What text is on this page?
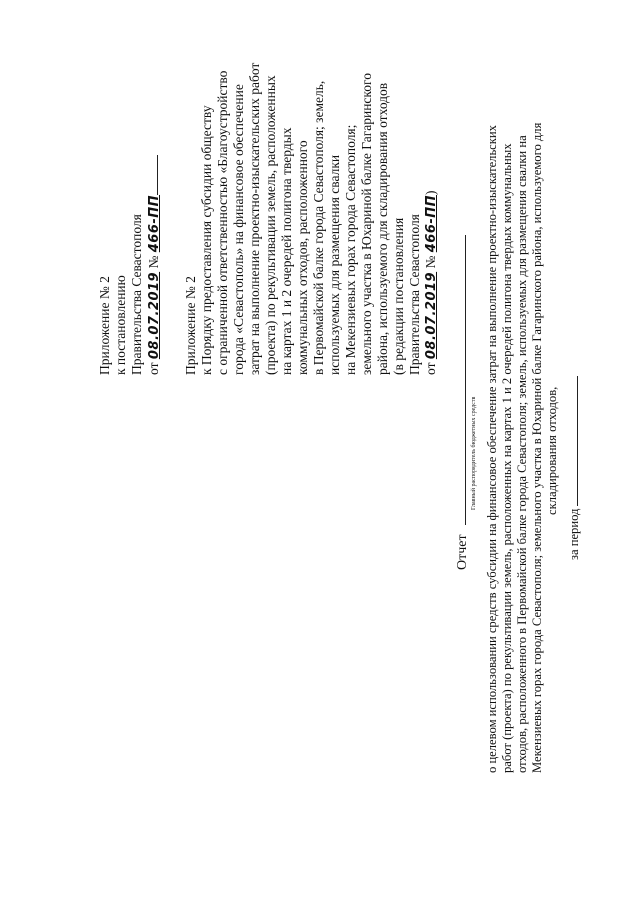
Приложение № 2 к постановлению Правительства Севастополя от 08.07.2019 № 466-ПП
Приложение № 2 к Порядку предоставления субсидии обществу с ограниченной ответственностью «Благоустройство города «Севастополь» на финансовое обеспечение затрат на выполнение проектно-изыскательских работ (проекта) по рекультивации земель, расположенных на картах 1 и 2 очередей полигона твердых коммунальных отходов, расположенного в Первомайской балке города Севастополя; земель, используемых для размещения свалки на Мекензиевых горах города Севастополя; земельного участка в Юхариной балке Гагаринского района, используемого для складирования отходов (в редакции постановления Правительства Севастополя от 08.07.2019 № 466-ПП)
Отчет
Главный распорядитель бюджетных средств о целевом использовании средств субсидии на финансовое обеспечение затрат на выполнение проектно-изыскательских работ (проекта) по рекультивации земель, расположенных на картах 1 и 2 очередей полигона твердых коммунальных отходов, расположенного в Первомайской балке города Севастополя; земель, используемых для размещения свалки на Мекензиевых горах города Севастополя; земельного участка в Юхариной балке Гагаринского района, используемого для складирования отходов,
за период
